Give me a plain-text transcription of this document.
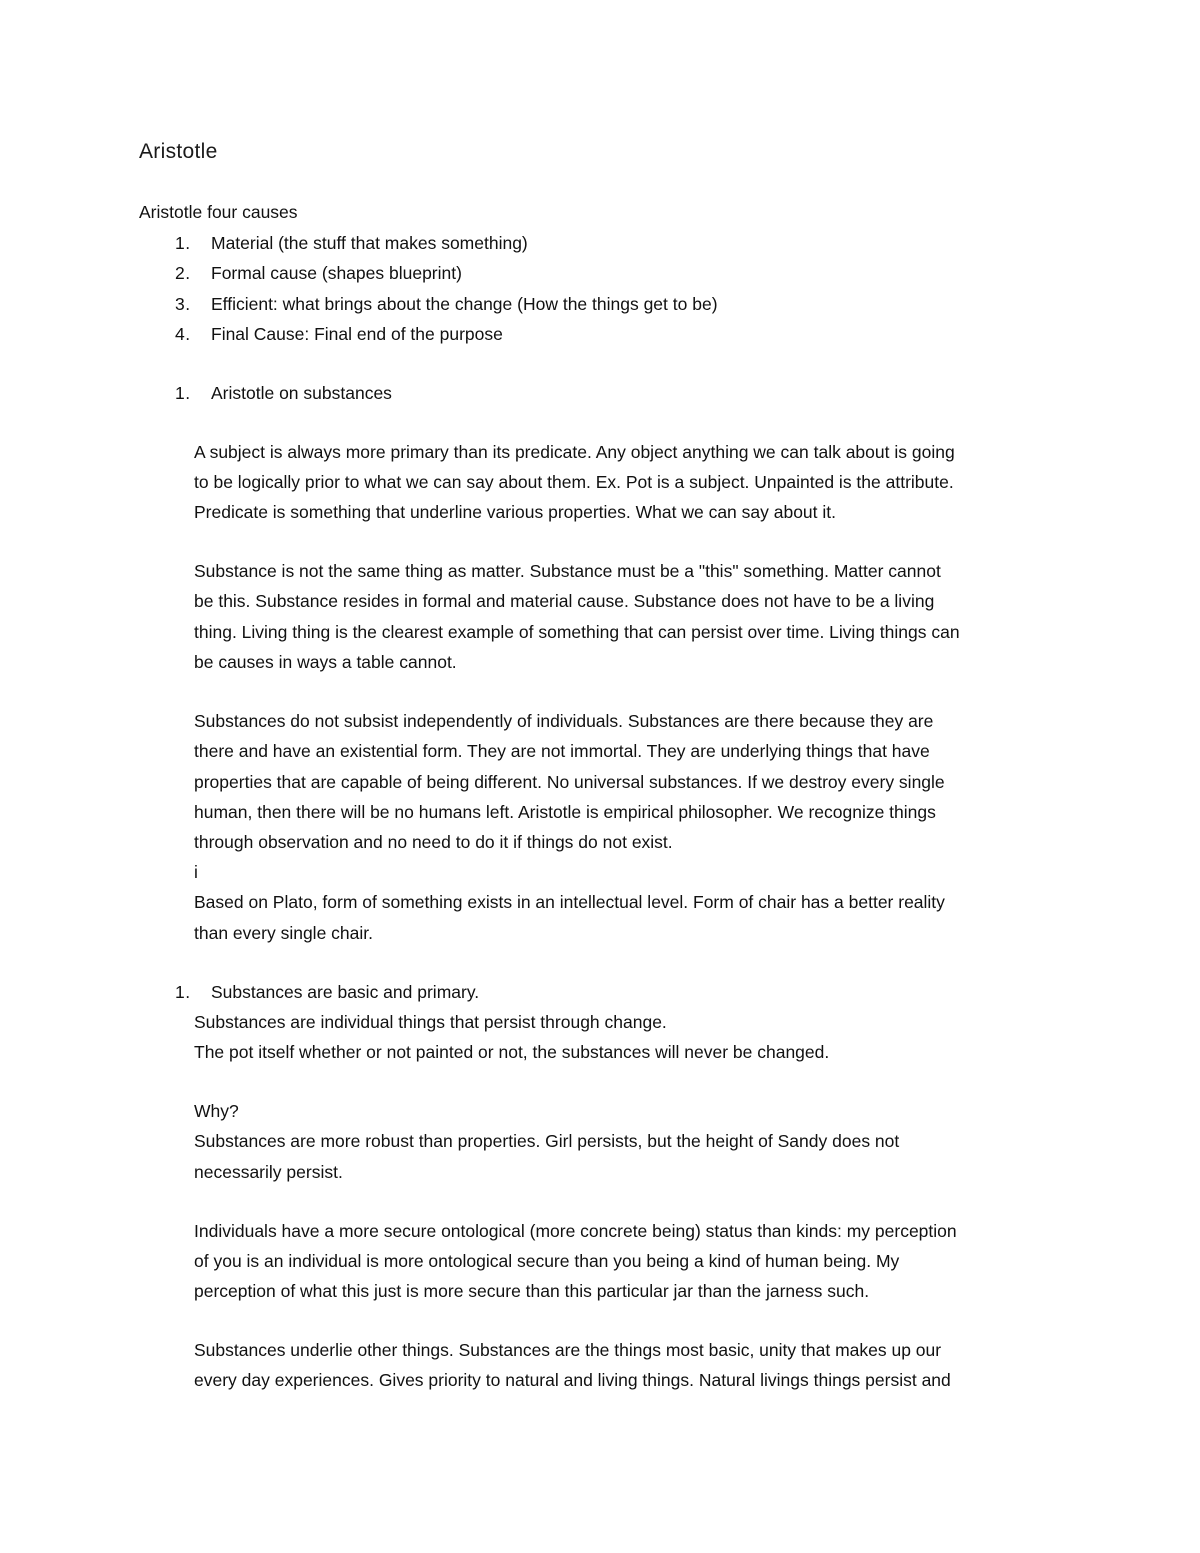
Aristotle
Aristotle four causes
1. Material (the stuff that makes something)
2. Formal cause (shapes blueprint)
3. Efficient: what brings about the change (How the things get to be)
4. Final Cause: Final end of the purpose
1. Aristotle on substances
A subject is always more primary than its predicate. Any object anything we can talk about is going
to be logically prior to what we can say about them. Ex. Pot is a subject. Unpainted is the attribute.
Predicate is something that underline various properties. What we can say about it.
Substance is not the same thing as matter. Substance must be a "this" something. Matter cannot
be this. Substance resides in formal and material cause. Substance does not have to be a living
thing. Living thing is the clearest example of something that can persist over time. Living things can
be causes in ways a table cannot.
Substances do not subsist independently of individuals. Substances are there because they are
there and have an existential form. They are not immortal. They are underlying things that have
properties that are capable of being different. No universal substances. If we destroy every single
human, then there will be no humans left. Aristotle is empirical philosopher. We recognize things
through observation and no need to do it if things do not exist.
i
Based on Plato, form of something exists in an intellectual level. Form of chair has a better reality
than every single chair.
1. Substances are basic and primary.
Substances are individual things that persist through change.
The pot itself whether or not painted or not, the substances will never be changed.
Why?
Substances are more robust than properties. Girl persists, but the height of Sandy does not
necessarily persist.
Individuals have a more secure ontological (more concrete being) status than kinds: my perception
of you is an individual is more ontological secure than you being a kind of human being. My
perception of what this just is more secure than this particular jar than the jarness such.
Substances underlie other things. Substances are the things most basic, unity that makes up our
every day experiences. Gives priority to natural and living things. Natural livings things persist and
